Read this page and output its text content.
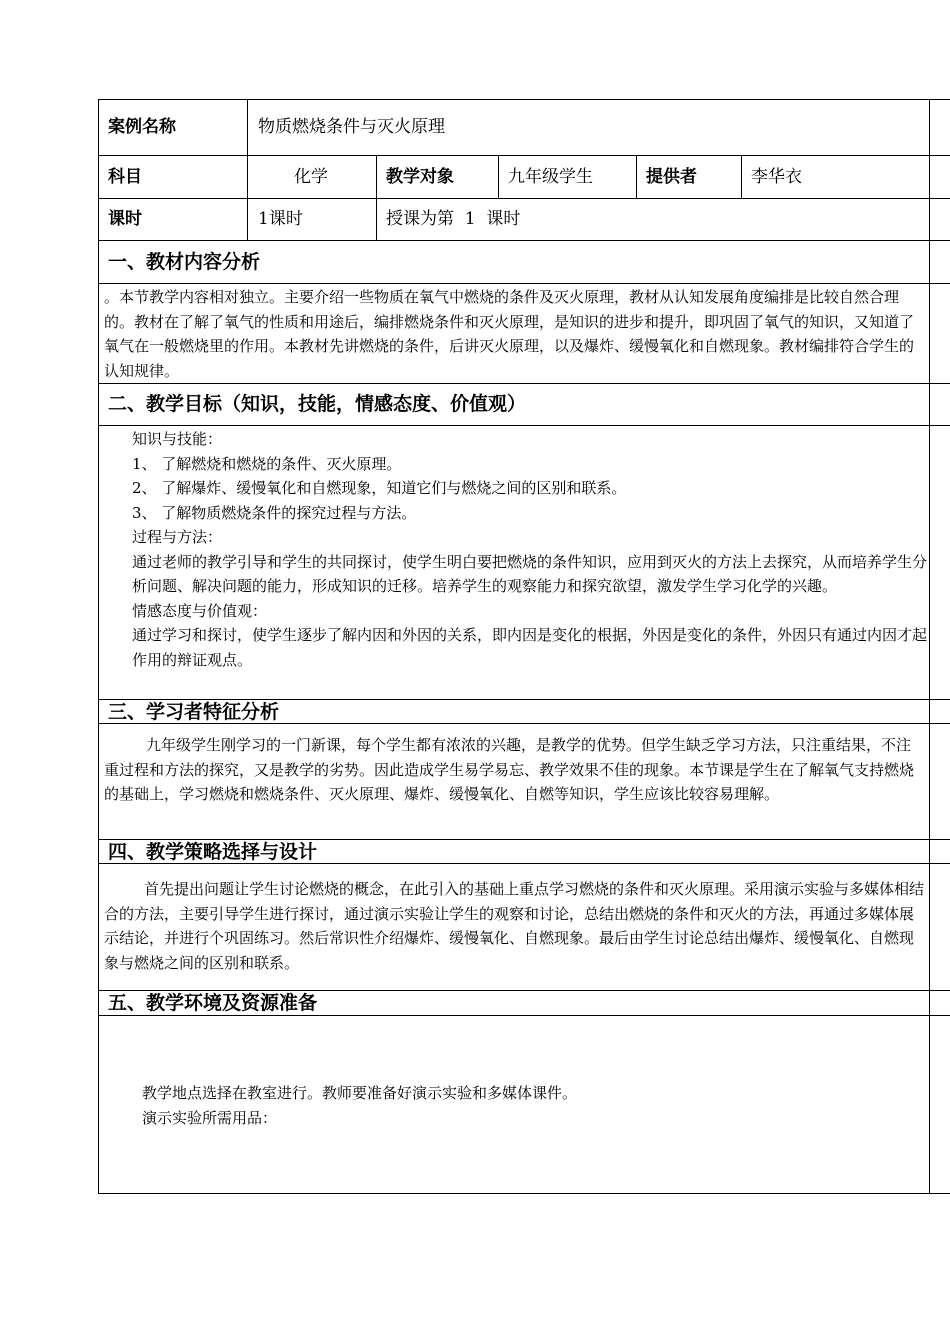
案例名称	物质燃烧条件与灭火原理
科目	化学	教学对象	九年级学生	提供者	李华衣
课时	1课时	授课为第  1  课时
一、教材内容分析
。本节教学内容相对独立。主要介绍一些物质在氧气中燃烧的条件及灭火原理，教材从认知发展角度编排是比较自然合理的。教材在了解了氧气的性质和用途后，编排燃烧条件和灭火原理，是知识的进步和提升，即巩固了氧气的知识，又知道了氧气在一般燃烧里的作用。本教材先讲燃烧的条件，后讲灭火原理，以及爆炸、缓慢氧化和自燃现象。教材编排符合学生的认知规律。
二、教学目标（知识，技能，情感态度、价值观）

知识与技能：

1、 了解燃烧和燃烧的条件、灭火原理。

2、 了解爆炸、缓慢氧化和自燃现象，知道它们与燃烧之间的区别和联系。

3、 了解物质燃烧条件的探究过程与方法。

过程与方法：

通过老师的教学引导和学生的共同探讨，使学生明白要把燃烧的条件知识，应用到灭火的方法上去探究，从而培养学生分析问题、解决问题的能力，形成知识的迁移。培养学生的观察能力和探究欲望，激发学生学习化学的兴趣。

情感态度与价值观：

通过学习和探讨，使学生逐步了解内因和外因的关系，即内因是变化的根据，外因是变化的条件，外因只有通过内因才起作用的辩证观点。

三、学习者特征分析
九年级学生刚学习的一门新课，每个学生都有浓浓的兴趣，是教学的优势。但学生缺乏学习方法，只注重结果，不注重过程和方法的探究，又是教学的劣势。因此造成学生易学易忘、教学效果不佳的现象。本节课是学生在了解氧气支持燃烧的基础上，学习燃烧和燃烧条件、灭火原理、爆炸、缓慢氧化、自燃等知识，学生应该比较容易理解。
四、教学策略选择与设计
首先提出问题让学生讨论燃烧的概念，在此引入的基础上重点学习燃烧的条件和灭火原理。采用演示实验与多媒体相结合的方法，主要引导学生进行探讨，通过演示实验让学生的观察和讨论，总结出燃烧的条件和灭火的方法，再通过多媒体展示结论，并进行个巩固练习。然后常识性介绍爆炸、缓慢氧化、自燃现象。最后由学生讨论总结出爆炸、缓慢氧化、自燃现象与燃烧之间的区别和联系。
五、教学环境及资源准备

教学地点选择在教室进行。教师要准备好演示实验和多媒体课件。

演示实验所需用品：
